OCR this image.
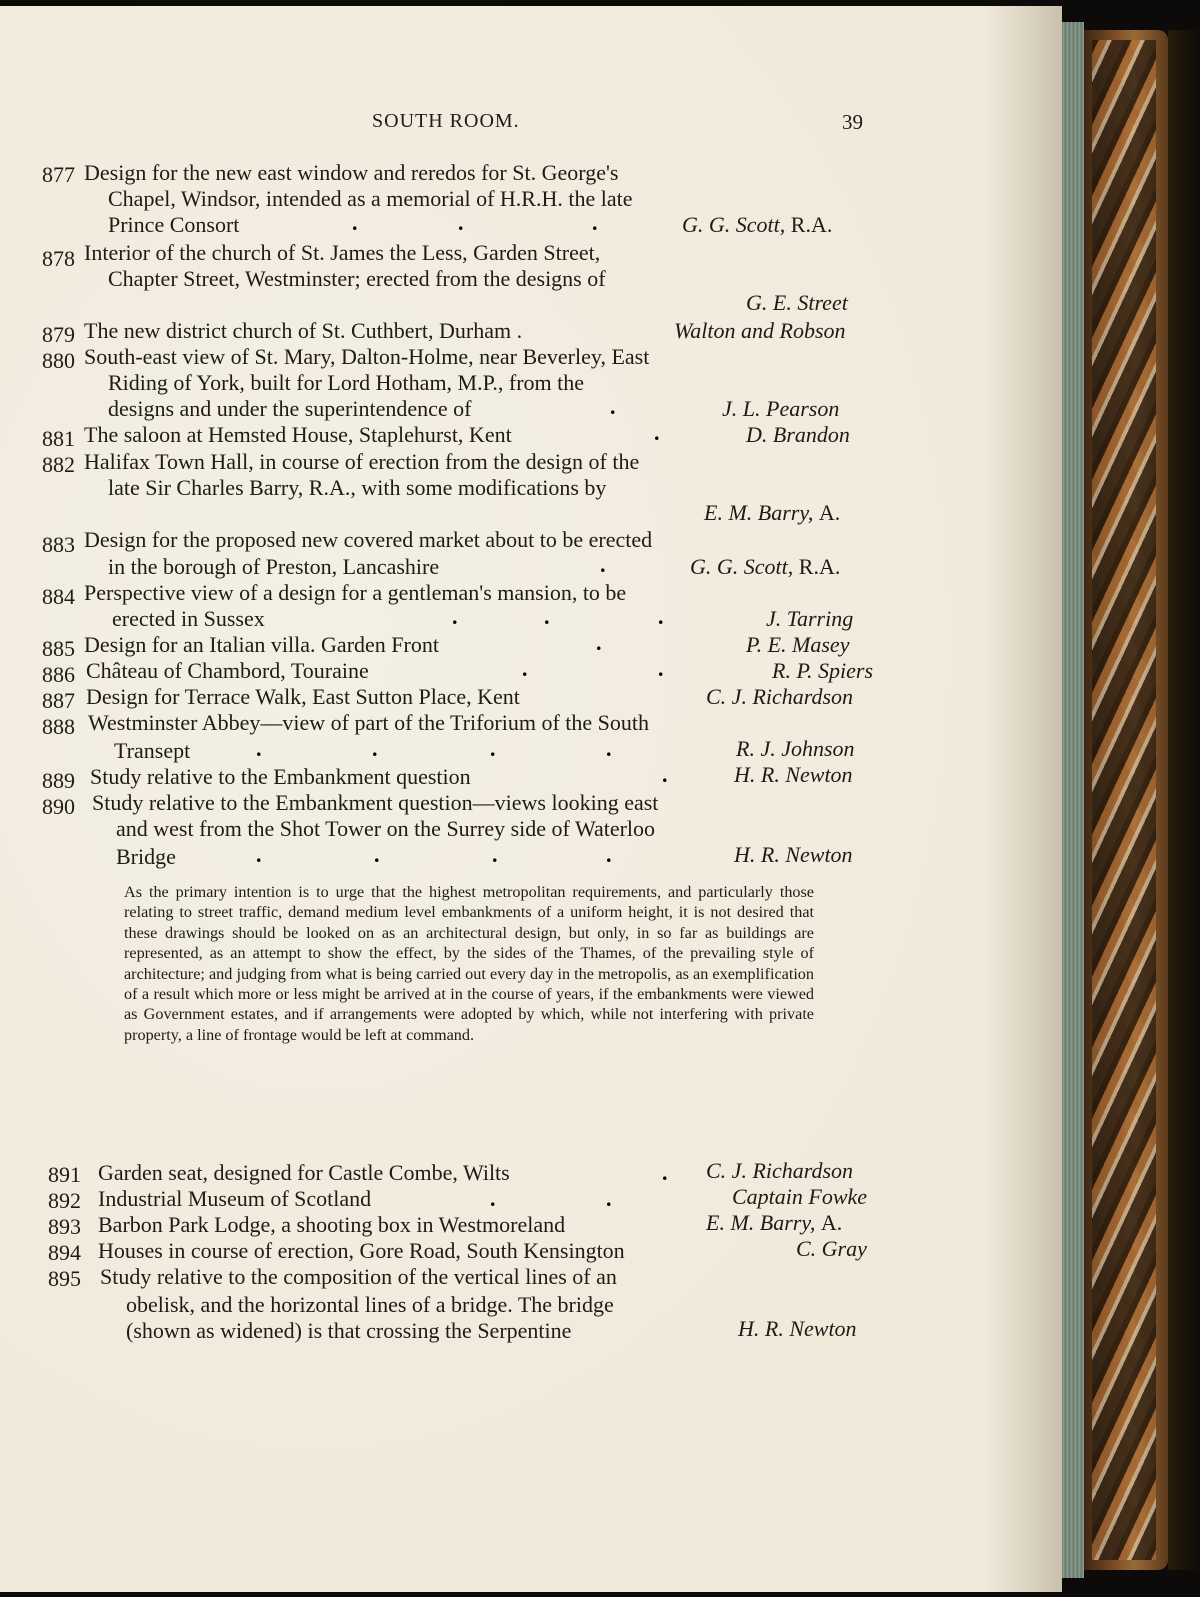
SOUTH ROOM.	39
877 Design for the new east window and reredos for St. George's
Chapel, Windsor, intended as a memorial of H.R.H. the late
Prince Consort	G. G. Scott, R.A.
878 Interior of the church of St. James the Less, Garden Street,
Chapter Street, Westminster; erected from the designs of
G. E. Street
879 The new district church of St. Cuthbert, Durham .	Walton and Robson
880 South-east view of St. Mary, Dalton-Holme, near Beverley, East
Riding of York, built for Lord Hotham, M.P., from the
designs and under the superintendence of	J. L. Pearson
881 The saloon at Hemsted House, Staplehurst, Kent	D. Brandon
882 Halifax Town Hall, in course of erection from the design of the
late Sir Charles Barry, R.A., with some modifications by
E. M. Barry, A.
883 Design for the proposed new covered market about to be erected
in the borough of Preston, Lancashire	G. G. Scott, R.A.
884 Perspective view of a design for a gentleman's mansion, to be
erected in Sussex	J. Tarring
885 Design for an Italian villa. Garden Front	P. E. Masey
886 Château of Chambord, Touraine	R. P. Spiers
887 Design for Terrace Walk, East Sutton Place, Kent	C. J. Richardson
888 Westminster Abbey—view of part of the Triforium of the South
Transept	R. J. Johnson
889 Study relative to the Embankment question	H. R. Newton
890 Study relative to the Embankment question—views looking east
and west from the Shot Tower on the Surrey side of Waterloo
Bridge	H. R. Newton
.	.	.
.
.
.
.	.	.
.
.	.
.	.	.	.
.
.	.	.	.
.
.	.
As the primary intention is to urge that the highest metropolitan requirements, and particularly those relating to street traffic, demand medium level embankments of a uniform height, it is not desired that these drawings should be looked on as an architectural design, but only, in so far as buildings are represented, as an attempt to show the effect, by the sides of the Thames, of the prevailing style of architecture; and judging from what is being carried out every day in the metropolis, as an exemplification of a result which more or less might be arrived at in the course of years, if the embankments were viewed as Government estates, and if arrangements were adopted by which, while not interfering with private property, a line of frontage would be left at command.
891 Garden seat, designed for Castle Combe, Wilts	C. J. Richardson
892 Industrial Museum of Scotland	Captain Fowke
893 Barbon Park Lodge, a shooting box in Westmoreland	E. M. Barry, A.
894 Houses in course of erection, Gore Road, South Kensington	C. Gray
895 Study relative to the composition of the vertical lines of an
obelisk, and the horizontal lines of a bridge. The bridge
(shown as widened) is that crossing the Serpentine	H. R. Newton
